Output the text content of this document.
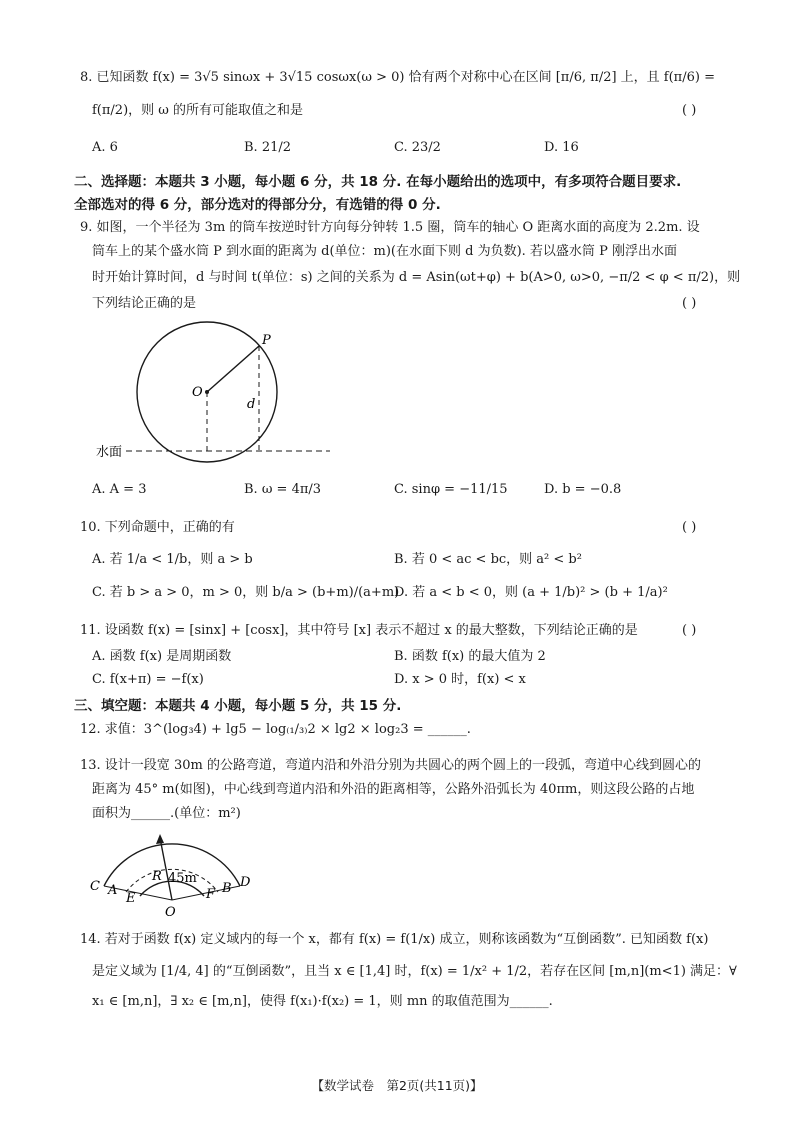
8. 已知函数 f(x) = 3√5 sinωx + 3√15 cosωx(ω > 0) 恰有两个对称中心在区间 [π/6, π/2] 上，且 f(π/6) =
f(π/2)，则 ω 的所有可能取值之和是	( )
A. 6	B. 21/2	C. 23/2	D. 16
二、选择题：本题共 3 小题，每小题 6 分，共 18 分. 在每小题给出的选项中，有多项符合题目要求.
全部选对的得 6 分，部分选对的得部分分，有选错的得 0 分.
9. 如图，一个半径为 3m 的筒车按逆时针方向每分钟转 1.5 圈，筒车的轴心 O 距离水面的高度为 2.2m. 设
筒车上的某个盛水筒 P 到水面的距离为 d(单位：m)(在水面下则 d 为负数). 若以盛水筒 P 刚浮出水面
时开始计算时间，d 与时间 t(单位：s) 之间的关系为 d = Asin(ωt+φ) + b(A>0, ω>0, −π/2 < φ < π/2)，则
下列结论正确的是	( )
P
O
d
水面
A. A = 3	B. ω = 4π/3	C. sinφ = −11/15	D. b = −0.8
10. 下列命题中，正确的有	( )
A. 若 1/a < 1/b，则 a > b	B. 若 0 < ac < bc，则 a² < b²
C. 若 b > a > 0，m > 0，则 b/a > (b+m)/(a+m)
D. 若 a < b < 0，则 (a + 1/b)² > (b + 1/a)²
11. 设函数 f(x) = [sinx] + [cosx]，其中符号 [x] 表示不超过 x 的最大整数，下列结论正确的是	( )
A. 函数 f(x) 是周期函数	B. 函数 f(x) 的最大值为 2
C. f(x+π) = −f(x)	D. x > 0 时，f(x) < x
三、填空题：本题共 4 小题，每小题 5 分，共 15 分.
12. 求值：3^(log₃4) + lg5 − log₍₁/₃₎2 × lg2 × log₂3 = ______.
13. 设计一段宽 30m 的公路弯道，弯道内沿和外沿分别为共圆心的两个圆上的一段弧，弯道中心线到圆心的
距离为 45° m(如图)，中心线到弯道内沿和外沿的距离相等，公路外沿弧长为 40πm，则这段公路的占地
面积为______.(单位：m²)
C A
E
O
F B D
R 45m
14. 若对于函数 f(x) 定义域内的每一个 x，都有 f(x) = f(1/x) 成立，则称该函数为“互倒函数”. 已知函数 f(x)
是定义域为 [1/4, 4] 的“互倒函数”，且当 x ∈ [1,4] 时，f(x) = 1/x² + 1/2，若存在区间 [m,n](m<1) 满足：∀
x₁ ∈ [m,n]，∃ x₂ ∈ [m,n]，使得 f(x₁)·f(x₂) = 1，则 mn 的取值范围为______.
【数学试卷　第2页(共11页)】
